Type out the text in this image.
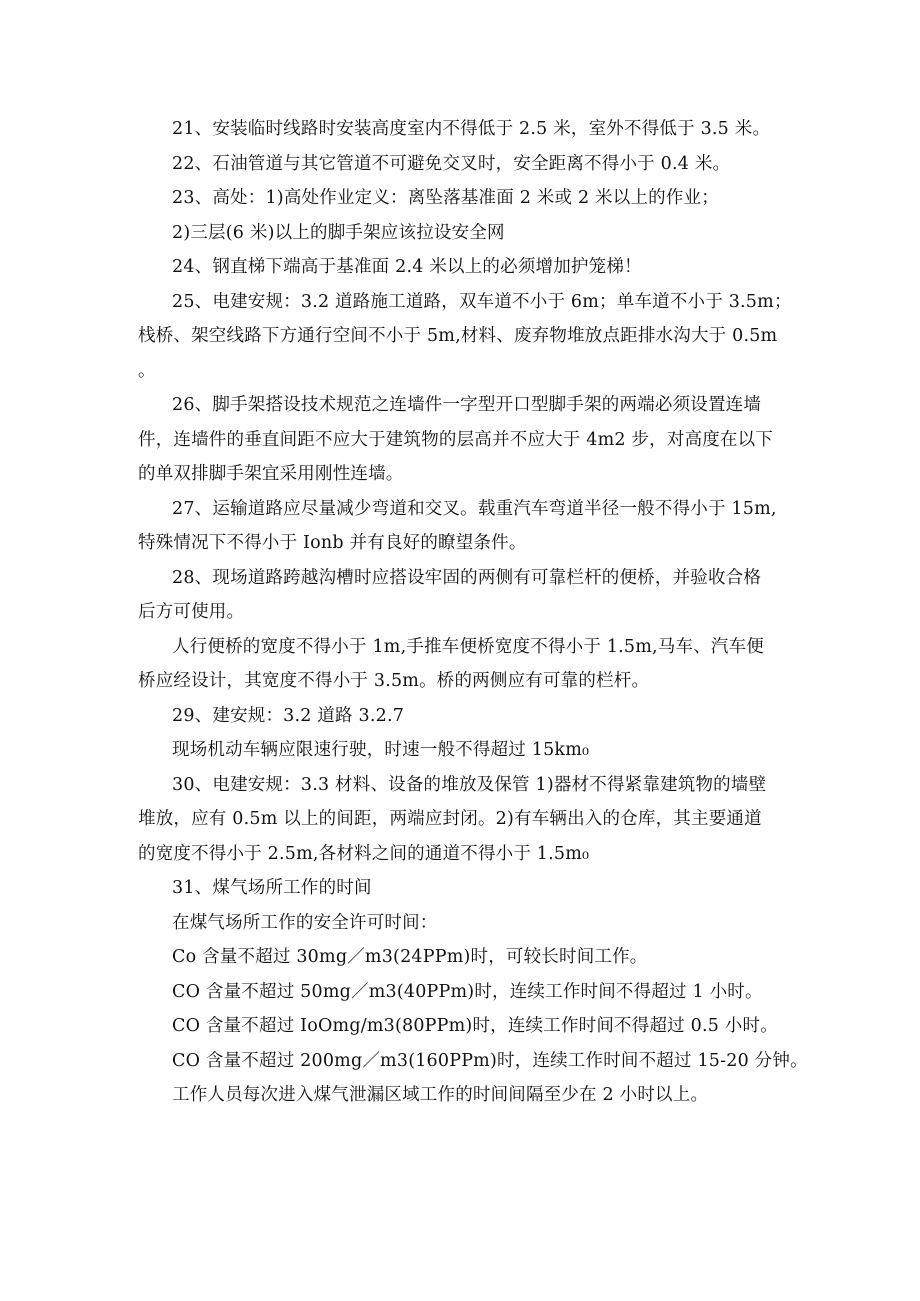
21、安装临时线路时安装高度室内不得低于 2.5 米，室外不得低于 3.5 米。
22、石油管道与其它管道不可避免交叉时，安全距离不得小于 0.4 米。
23、高处：1)高处作业定义：离坠落基准面 2 米或 2 米以上的作业；
2)三层(6 米)以上的脚手架应该拉设安全网
24、钢直梯下端高于基准面 2.4 米以上的必须增加护笼梯！
25、电建安规：3.2 道路施工道路，双车道不小于 6m；单车道不小于 3.5m；
栈桥、架空线路下方通行空间不小于 5m,材料、废弃物堆放点距排水沟大于 0.5m
。
26、脚手架搭设技术规范之连墙件一字型开口型脚手架的两端必须设置连墙
件，连墙件的垂直间距不应大于建筑物的层高并不应大于 4m2 步，对高度在以下
的单双排脚手架宜采用刚性连墙。
27、运输道路应尽量减少弯道和交叉。载重汽车弯道半径一般不得小于 15m,
特殊情况下不得小于 Ionb 并有良好的瞭望条件。
28、现场道路跨越沟槽时应搭设牢固的两侧有可靠栏杆的便桥，并验收合格
后方可使用。
人行便桥的宽度不得小于 1m,手推车便桥宽度不得小于 1.5m,马车、汽车便
桥应经设计，其宽度不得小于 3.5m。桥的两侧应有可靠的栏杆。
29、建安规：3.2 道路 3.2.7
现场机动车辆应限速行驶，时速一般不得超过 15km₀
30、电建安规：3.3 材料、设备的堆放及保管 1)器材不得紧靠建筑物的墙壁
堆放，应有 0.5m 以上的间距，两端应封闭。2)有车辆出入的仓库，其主要通道
的宽度不得小于 2.5m,各材料之间的通道不得小于 1.5m₀
31、煤气场所工作的时间
在煤气场所工作的安全许可时间：
Co 含量不超过 30mg／m3(24PPm)时，可较长时间工作。
CO 含量不超过 50mg／m3(40PPm)时，连续工作时间不得超过 1 小时。
CO 含量不超过 IoOmg/m3(80PPm)时，连续工作时间不得超过 0.5 小时。
CO 含量不超过 200mg／m3(160PPm)时，连续工作时间不超过 15-20 分钟。
工作人员每次进入煤气泄漏区域工作的时间间隔至少在 2 小时以上。
